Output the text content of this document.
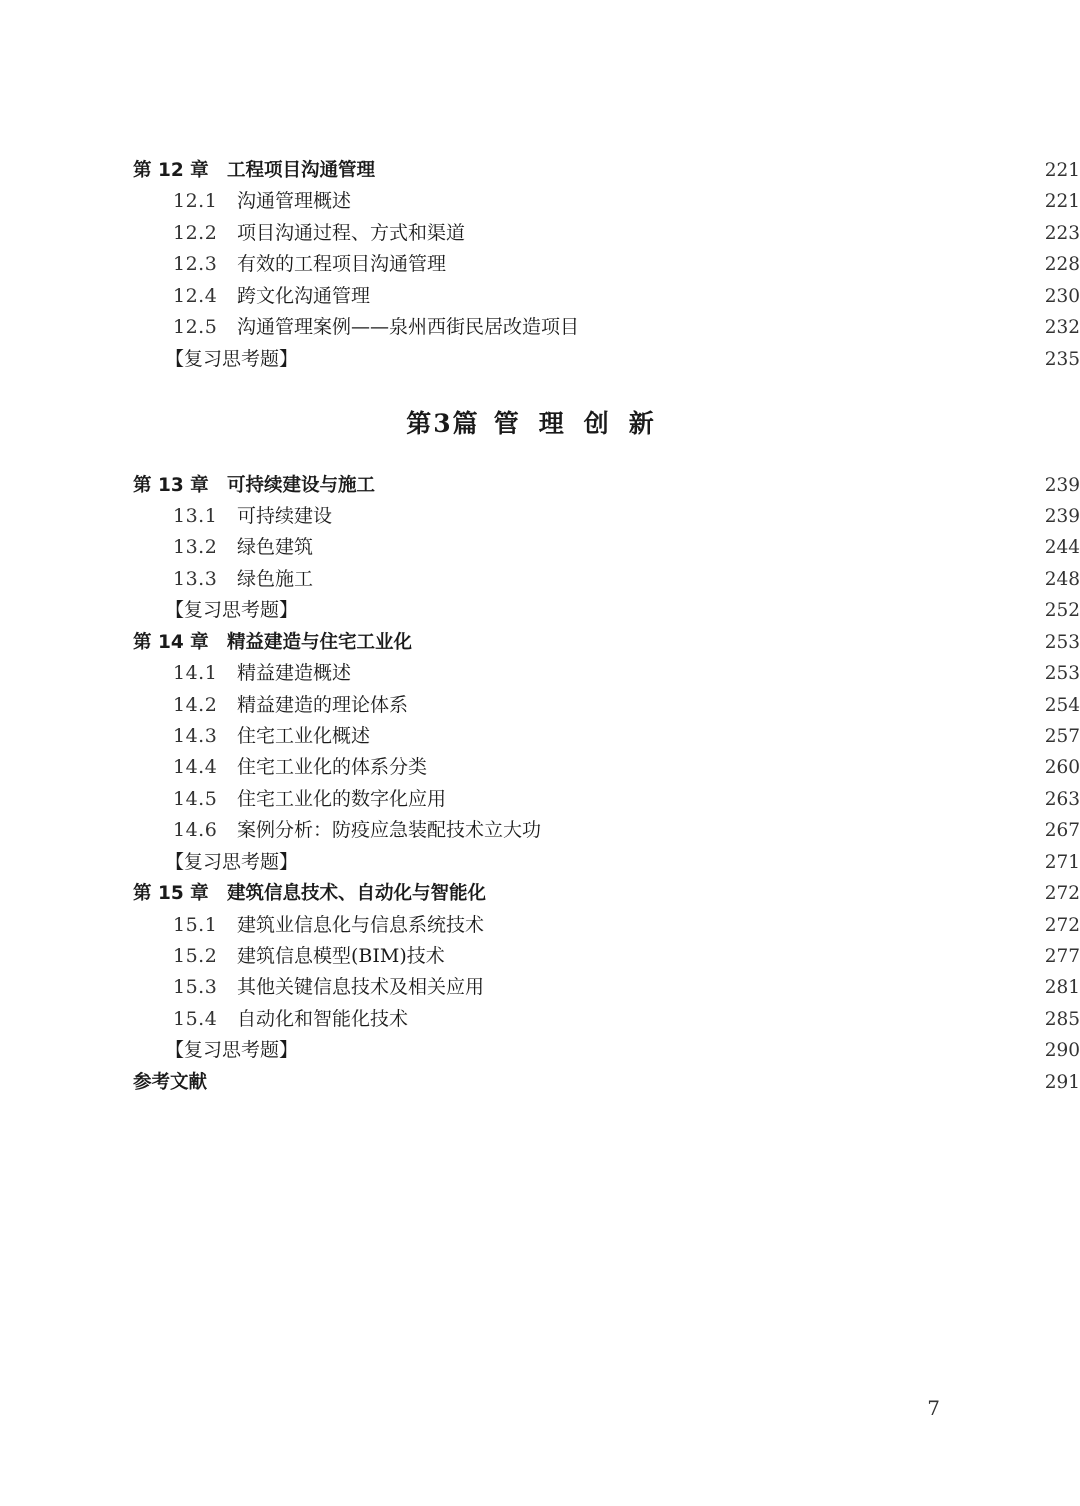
第 12 章 工程项目沟通管理	221
12.1	沟通管理概述	221
12.2	项目沟通过程、方式和渠道	223
12.3	有效的工程项目沟通管理	228
12.4	跨文化沟通管理	230
12.5	沟通管理案例——泉州西街民居改造项目	232
【复习思考题】	235
第3篇 管理创新
第 13 章 可持续建设与施工	239
13.1	可持续建设	239
13.2	绿色建筑	244
13.3	绿色施工	248
【复习思考题】	252
第 14 章 精益建造与住宅工业化	253
14.1	精益建造概述	253
14.2	精益建造的理论体系	254
14.3	住宅工业化概述	257
14.4	住宅工业化的体系分类	260
14.5	住宅工业化的数字化应用	263
14.6	案例分析：防疫应急装配技术立大功	267
【复习思考题】	271
第 15 章 建筑信息技术、自动化与智能化	272
15.1	建筑业信息化与信息系统技术	272
15.2	建筑信息模型(BIM)技术	277
15.3	其他关键信息技术及相关应用	281
15.4	自动化和智能化技术	285
【复习思考题】	290
参考文献	291
7
